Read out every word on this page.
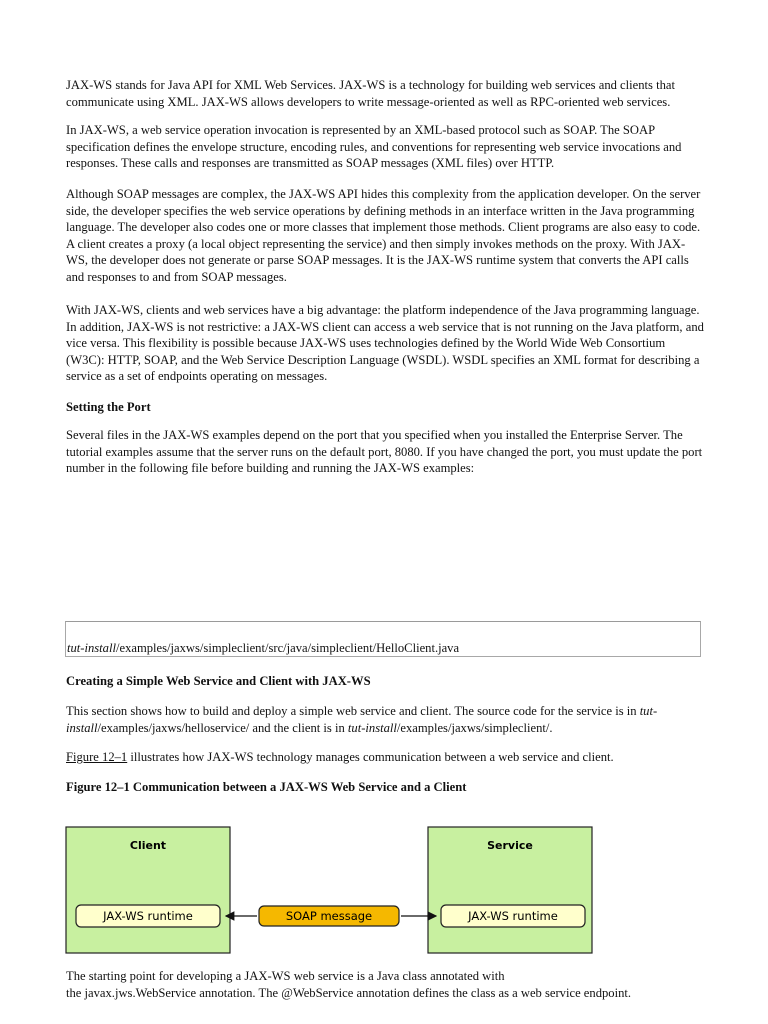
JAX-WS stands for Java API for XML Web Services. JAX-WS is a technology for building web services and clients that communicate using XML. JAX-WS allows developers to write message-oriented as well as RPC-oriented web services.

In JAX-WS, a web service operation invocation is represented by an XML-based protocol such as SOAP. The SOAP specification defines the envelope structure, encoding rules, and conventions for representing web service invocations and responses. These calls and responses are transmitted as SOAP messages (XML files) over HTTP.

Although SOAP messages are complex, the JAX-WS API hides this complexity from the application developer. On the server side, the developer specifies the web service operations by defining methods in an interface written in the Java programming language. The developer also codes one or more classes that implement those methods. Client programs are also easy to code. A client creates a proxy (a local object representing the service) and then simply invokes methods on the proxy. With JAX-WS, the developer does not generate or parse SOAP messages. It is the JAX-WS runtime system that converts the API calls and responses to and from SOAP messages.

With JAX-WS, clients and web services have a big advantage: the platform independence of the Java programming language. In addition, JAX-WS is not restrictive: a JAX-WS client can access a web service that is not running on the Java platform, and vice versa. This flexibility is possible because JAX-WS uses technologies defined by the World Wide Web Consortium (W3C): HTTP, SOAP, and the Web Service Description Language (WSDL). WSDL specifies an XML format for describing a service as a set of endpoints operating on messages.

Setting the Port

Several files in the JAX-WS examples depend on the port that you specified when you installed the Enterprise Server. The tutorial examples assume that the server runs on the default port, 8080. If you have changed the port, you must update the port number in the following file before building and running the JAX-WS examples:

tut-install/examples/jaxws/simpleclient/src/java/simpleclient/HelloClient.java

Creating a Simple Web Service and Client with JAX-WS

This section shows how to build and deploy a simple web service and client. The source code for the service is in tut-install/examples/jaxws/helloservice/ and the client is in tut-install/examples/jaxws/simpleclient/.

Figure 12–1 illustrates how JAX-WS technology manages communication between a web service and client.

Figure 12–1 Communication between a JAX-WS Web Service and a Client

Client
JAX-WS runtime
Service
JAX-WS runtime
SOAP message

The starting point for developing a JAX-WS web service is a Java class annotated with
the javax.jws.WebService annotation. The @WebService annotation defines the class as a web service endpoint.
